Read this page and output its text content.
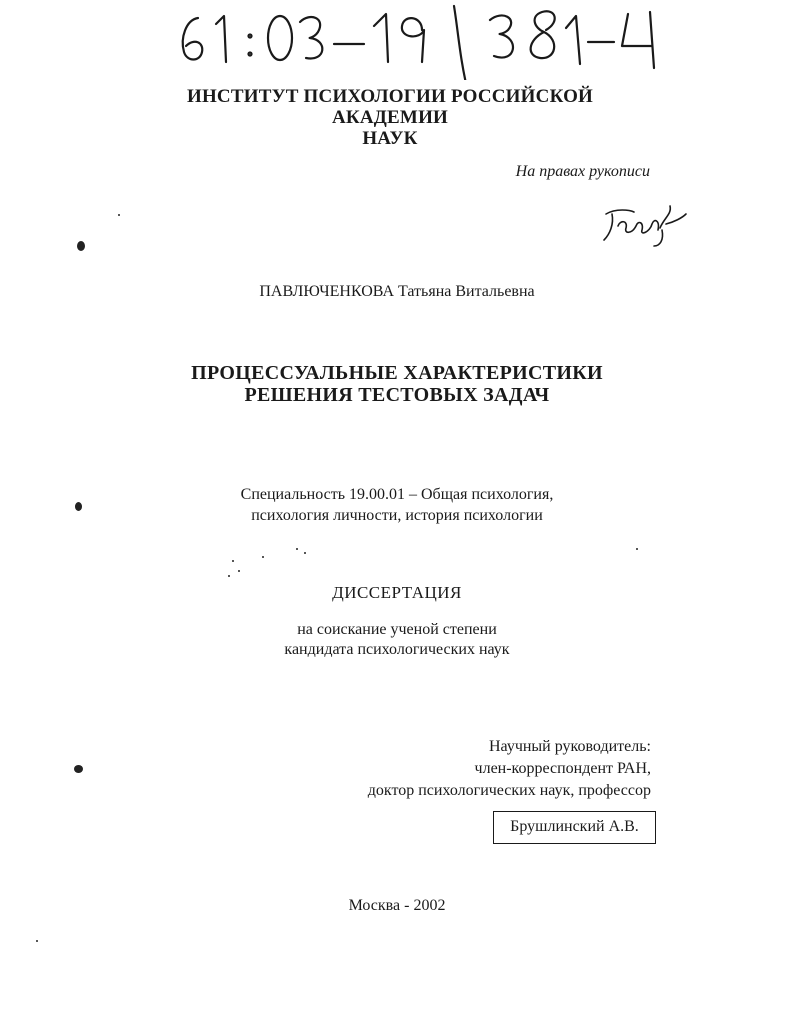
ИНСТИТУТ ПСИХОЛОГИИ РОССИЙСКОЙ АКАДЕМИИ
НАУК
На правах рукописи
ПАВЛЮЧЕНКОВА Татьяна Витальевна
ПРОЦЕССУАЛЬНЫЕ ХАРАКТЕРИСТИКИ
РЕШЕНИЯ ТЕСТОВЫХ ЗАДАЧ
Специальность 19.00.01 – Общая психология,
психология личности, история психологии
ДИССЕРТАЦИЯ
на соискание ученой степени
кандидата психологических наук
Научный руководитель:
член-корреспондент РАН,
доктор психологических наук, профессор
Брушлинский А.В.
Москва - 2002
